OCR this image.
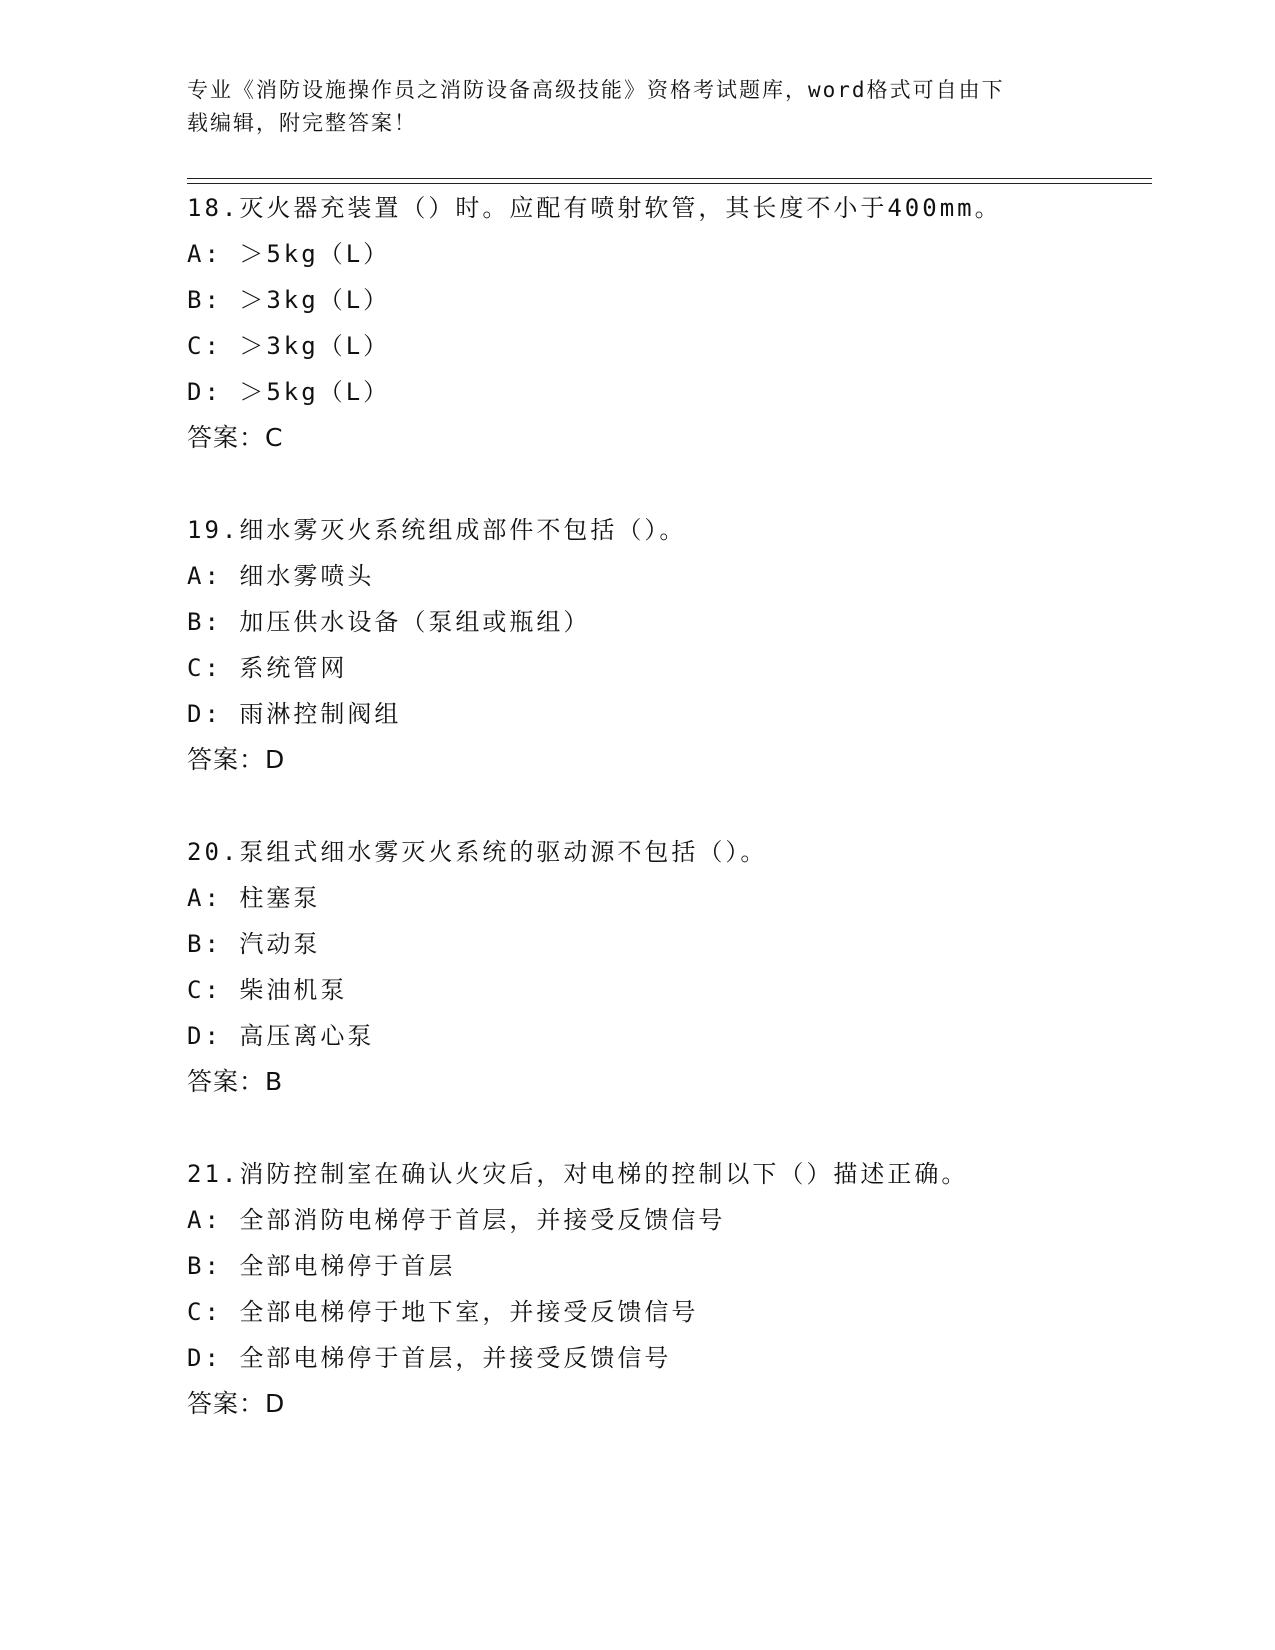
专业《消防设施操作员之消防设备高级技能》资格考试题库，word格式可自由下
载编辑，附完整答案！
18.灭火器充装置（）时。应配有喷射软管，其长度不小于400mm。
A: ＞5kg（L）
B: ＞3kg（L）
C: ＞3kg（L）
D: ＞5kg（L）
答案：C
19.细水雾灭火系统组成部件不包括（）。
A: 细水雾喷头
B: 加压供水设备（泵组或瓶组）
C: 系统管网
D: 雨淋控制阀组
答案：D
20.泵组式细水雾灭火系统的驱动源不包括（）。
A: 柱塞泵
B: 汽动泵
C: 柴油机泵
D: 高压离心泵
答案：B
21.消防控制室在确认火灾后，对电梯的控制以下（）描述正确。
A: 全部消防电梯停于首层，并接受反馈信号
B: 全部电梯停于首层
C: 全部电梯停于地下室，并接受反馈信号
D: 全部电梯停于首层，并接受反馈信号
答案：D
